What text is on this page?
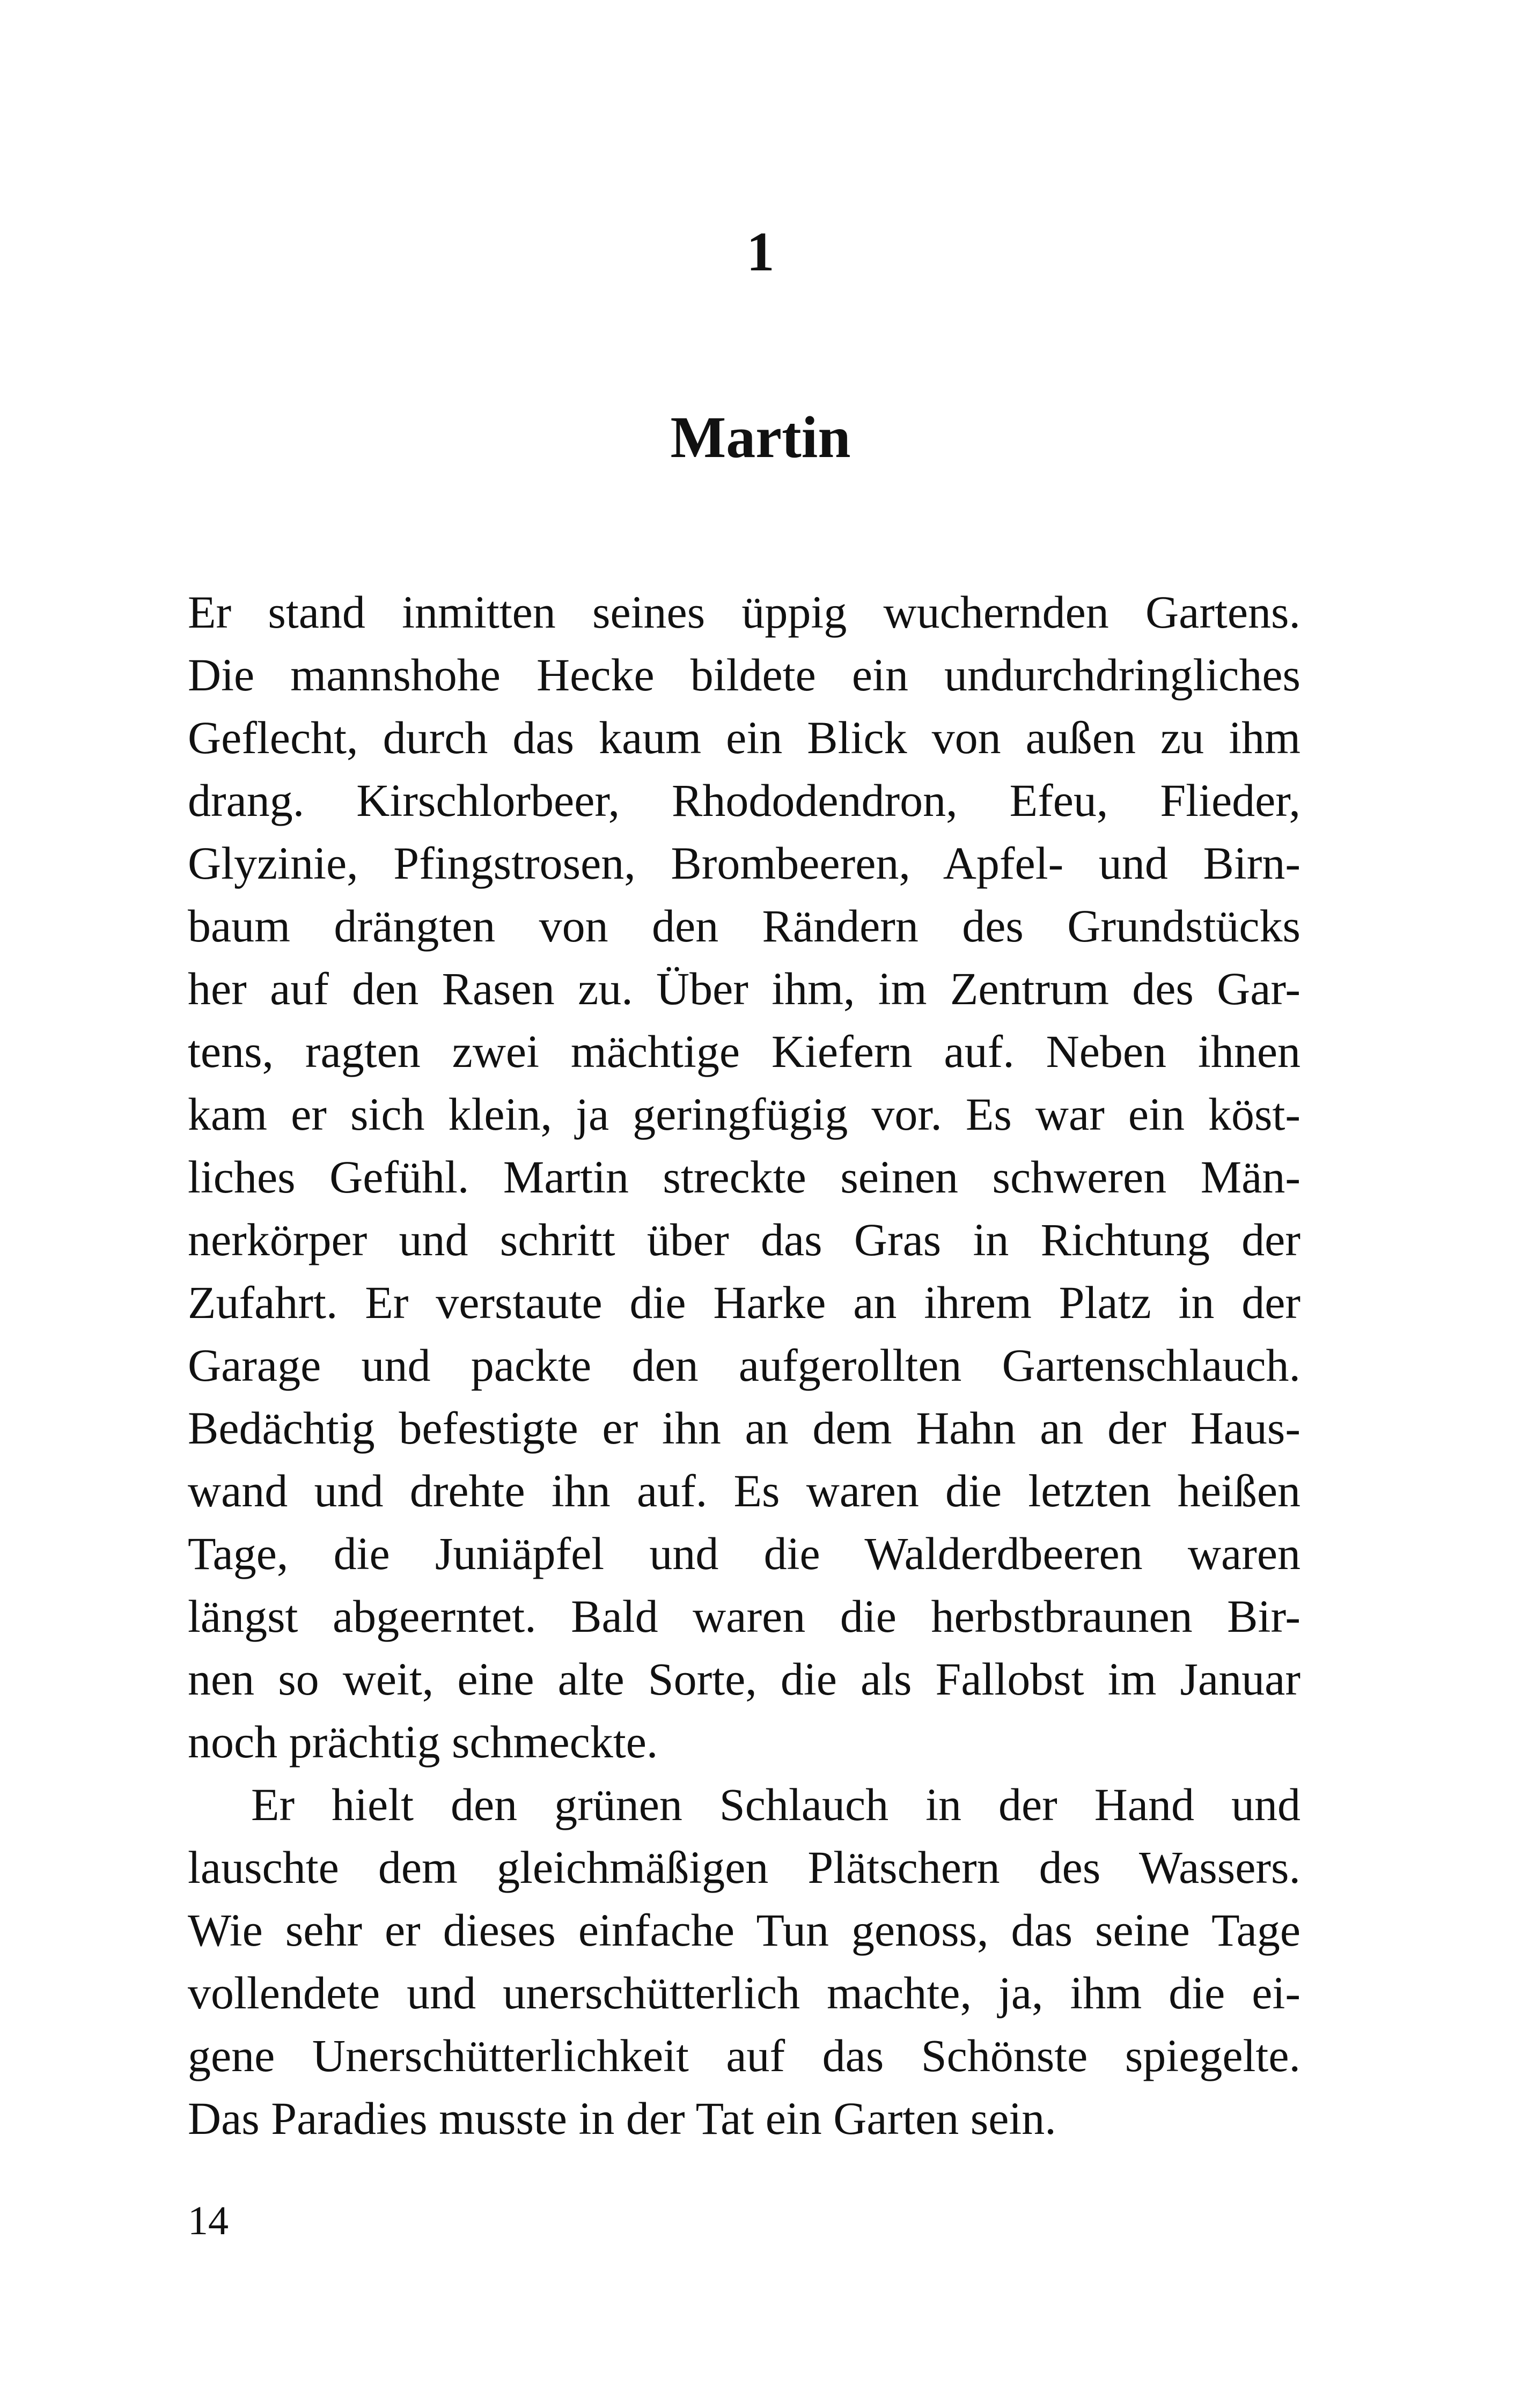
1
Martin
Er stand inmitten seines üppig wuchernden Gartens.
Die mannshohe Hecke bildete ein undurchdringliches
Geflecht, durch das kaum ein Blick von außen zu ihm
drang. Kirschlorbeer, Rhododendron, Efeu, Flieder,
Glyzinie, Pfingstrosen, Brombeeren, Apfel- und Birn-
baum drängten von den Rändern des Grundstücks
her auf den Rasen zu. Über ihm, im Zentrum des Gar-
tens, ragten zwei mächtige Kiefern auf. Neben ihnen
kam er sich klein, ja geringfügig vor. Es war ein köst-
liches Gefühl. Martin streckte seinen schweren Män-
nerkörper und schritt über das Gras in Richtung der
Zufahrt. Er verstaute die Harke an ihrem Platz in der
Garage und packte den aufgerollten Gartenschlauch.
Bedächtig befestigte er ihn an dem Hahn an der Haus-
wand und drehte ihn auf. Es waren die letzten heißen
Tage, die Juniäpfel und die Walderdbeeren waren
längst abgeerntet. Bald waren die herbstbraunen Bir-
nen so weit, eine alte Sorte, die als Fallobst im Januar
noch prächtig schmeckte.
Er hielt den grünen Schlauch in der Hand und
lauschte dem gleichmäßigen Plätschern des Wassers.
Wie sehr er dieses einfache Tun genoss, das seine Tage
vollendete und unerschütterlich machte, ja, ihm die ei-
gene Unerschütterlichkeit auf das Schönste spiegelte.
Das Paradies musste in der Tat ein Garten sein.
14
